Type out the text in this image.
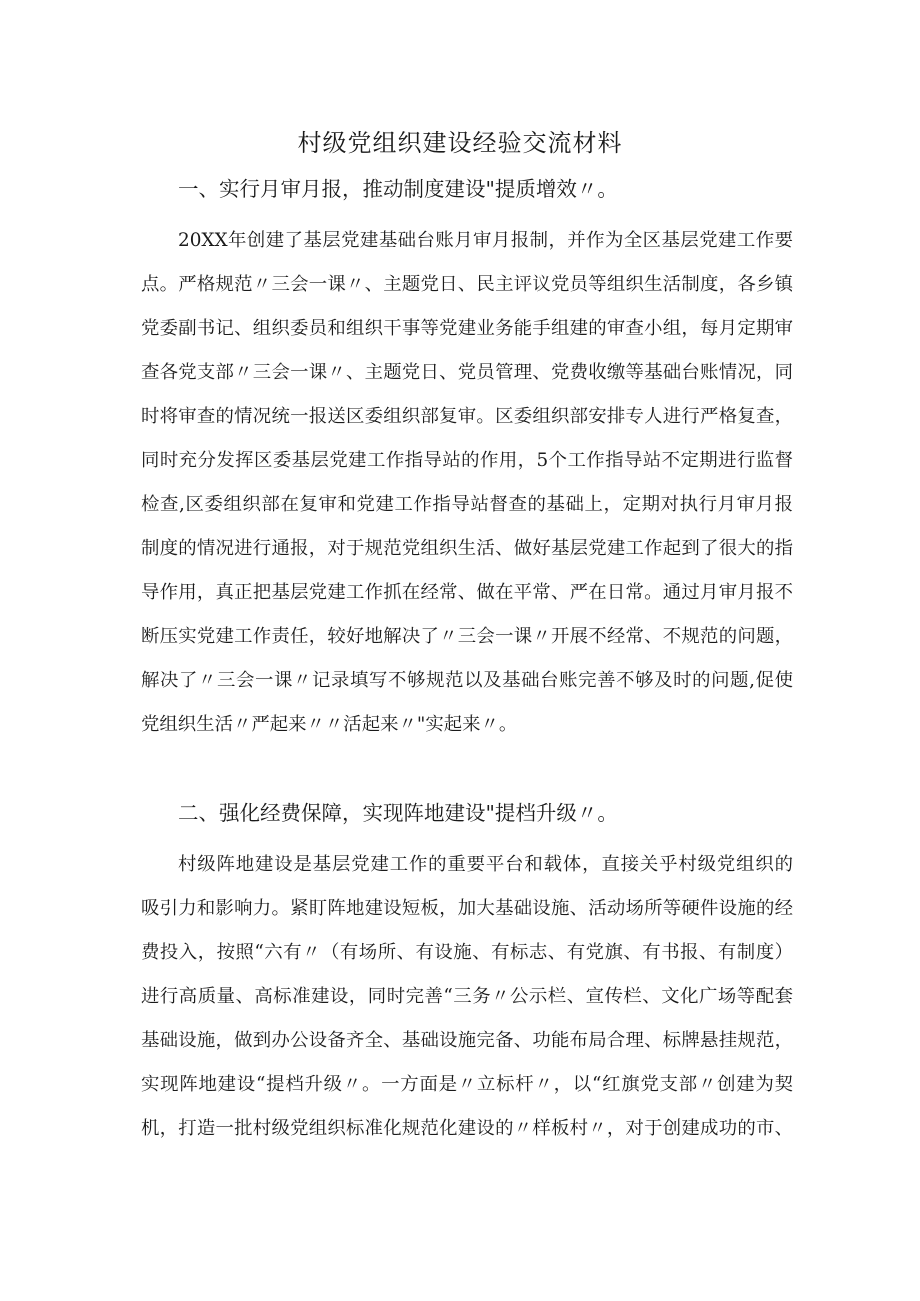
村级党组织建设经验交流材料
一、实行月审月报，推动制度建设"提质增效〃。
20XX年创建了基层党建基础台账月审月报制，并作为全区基层党建工作要
点。严格规范〃三会一课〃、主题党日、民主评议党员等组织生活制度，各乡镇
党委副书记、组织委员和组织干事等党建业务能手组建的审查小组，每月定期审
查各党支部〃三会一课〃、主题党日、党员管理、党费收缴等基础台账情况，同
时将审查的情况统一报送区委组织部复审。区委组织部安排专人进行严格复查，
同时充分发挥区委基层党建工作指导站的作用，5个工作指导站不定期进行监督
检查,区委组织部在复审和党建工作指导站督查的基础上，定期对执行月审月报
制度的情况进行通报，对于规范党组织生活、做好基层党建工作起到了很大的指
导作用，真正把基层党建工作抓在经常、做在平常、严在日常。通过月审月报不
断压实党建工作责任，较好地解决了〃三会一课〃开展不经常、不规范的问题，
解决了〃三会一课〃记录填写不够规范以及基础台账完善不够及时的问题,促使
党组织生活〃严起来〃〃活起来〃"实起来〃。
二、强化经费保障，实现阵地建设"提档升级〃。
村级阵地建设是基层党建工作的重要平台和载体，直接关乎村级党组织的
吸引力和影响力。紧盯阵地建设短板，加大基础设施、活动场所等硬件设施的经
费投入，按照“六有〃（有场所、有设施、有标志、有党旗、有书报、有制度）
进行高质量、高标准建设，同时完善“三务〃公示栏、宣传栏、文化广场等配套
基础设施，做到办公设备齐全、基础设施完备、功能布局合理、标牌悬挂规范，
实现阵地建设“提档升级〃。一方面是〃立标杆〃，以“红旗党支部〃创建为契
机，打造一批村级党组织标准化规范化建设的〃样板村〃，对于创建成功的市、
